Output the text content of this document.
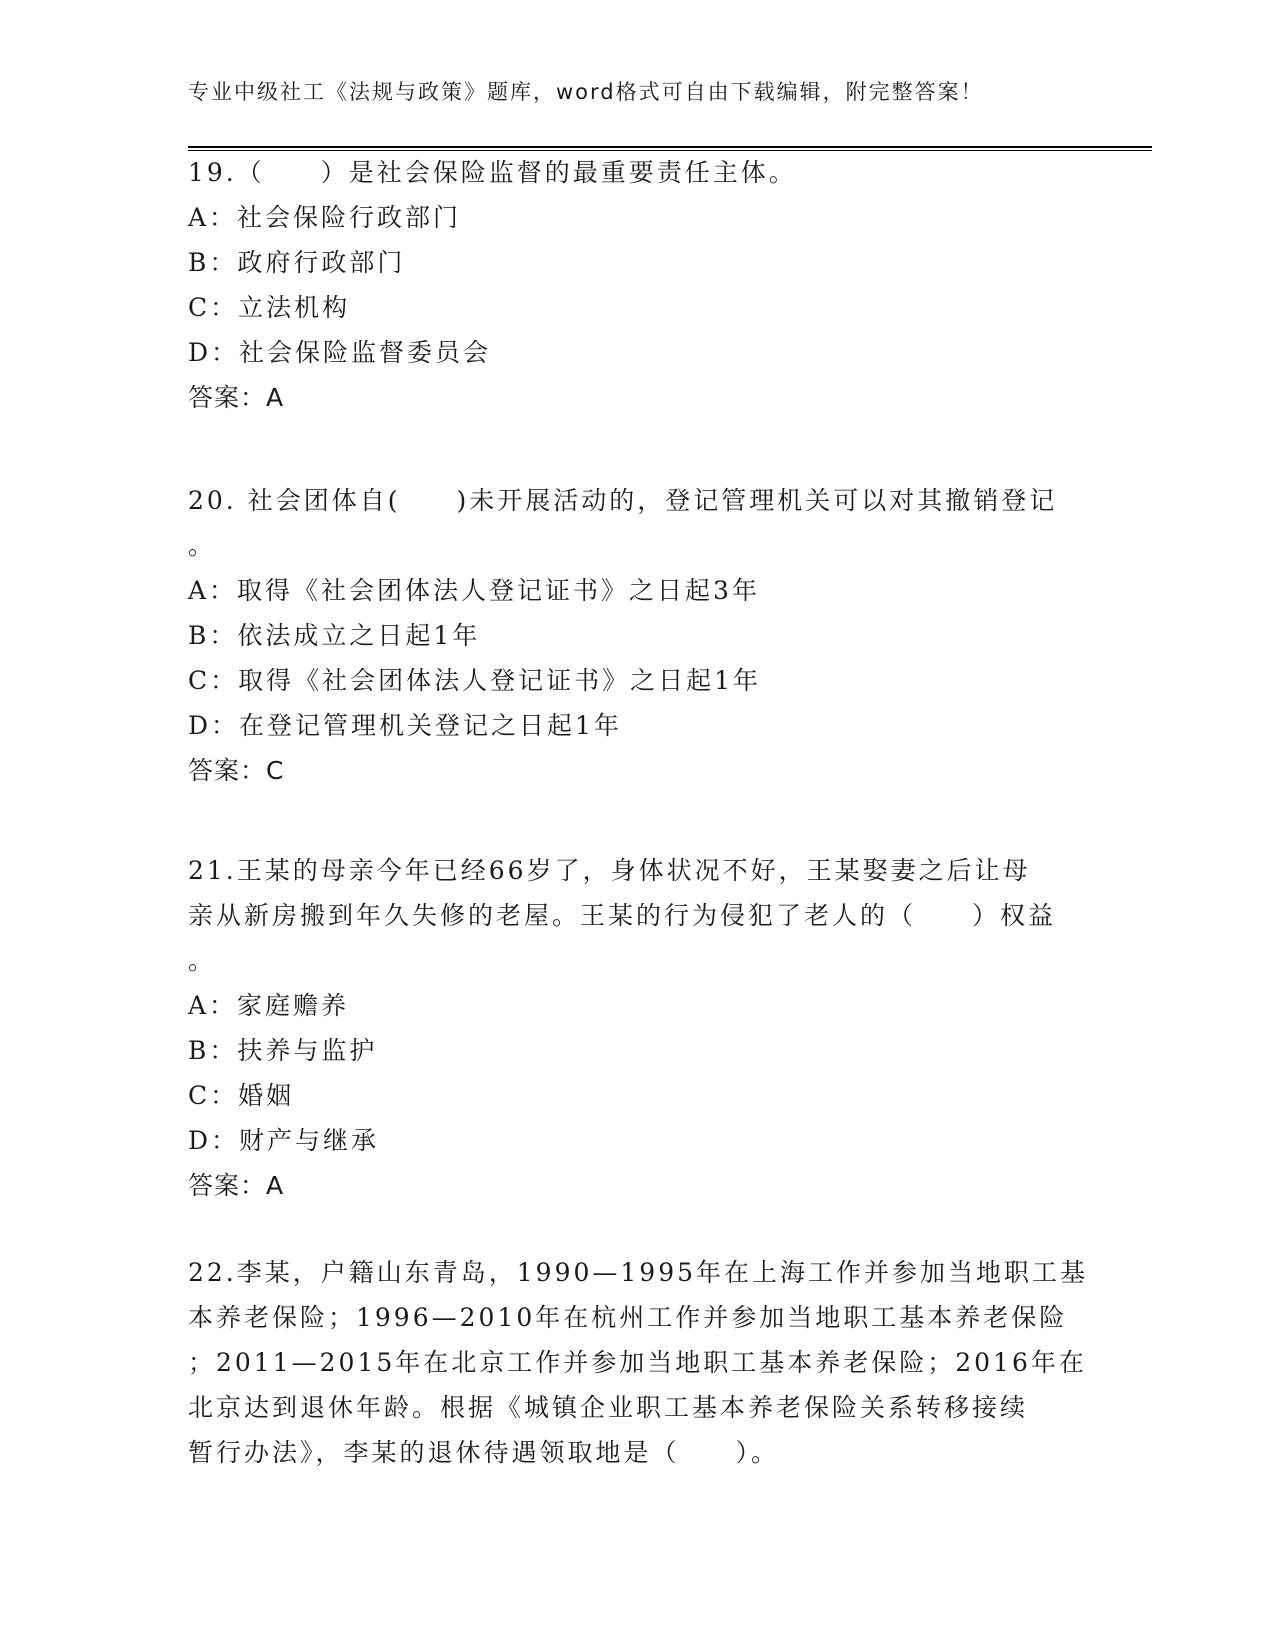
专业中级社工《法规与政策》题库，word格式可自由下载编辑，附完整答案！
19.（　　）是社会保险监督的最重要责任主体。
A：社会保险行政部门
B：政府行政部门
C：立法机构
D：社会保险监督委员会
答案：A
20. 社会团体自(　　)未开展活动的，登记管理机关可以对其撤销登记
。
A：取得《社会团体法人登记证书》之日起3年
B：依法成立之日起1年
C：取得《社会团体法人登记证书》之日起1年
D：在登记管理机关登记之日起1年
答案：C
21.王某的母亲今年已经66岁了，身体状况不好，王某娶妻之后让母
亲从新房搬到年久失修的老屋。王某的行为侵犯了老人的（　　）权益
。
A：家庭赡养
B：扶养与监护
C：婚姻
D：财产与继承
答案：A
22.李某，户籍山东青岛，1990—1995年在上海工作并参加当地职工基
本养老保险；1996—2010年在杭州工作并参加当地职工基本养老保险
；2011—2015年在北京工作并参加当地职工基本养老保险；2016年在
北京达到退休年龄。根据《城镇企业职工基本养老保险关系转移接续
暂行办法》，李某的退休待遇领取地是（　　）。
